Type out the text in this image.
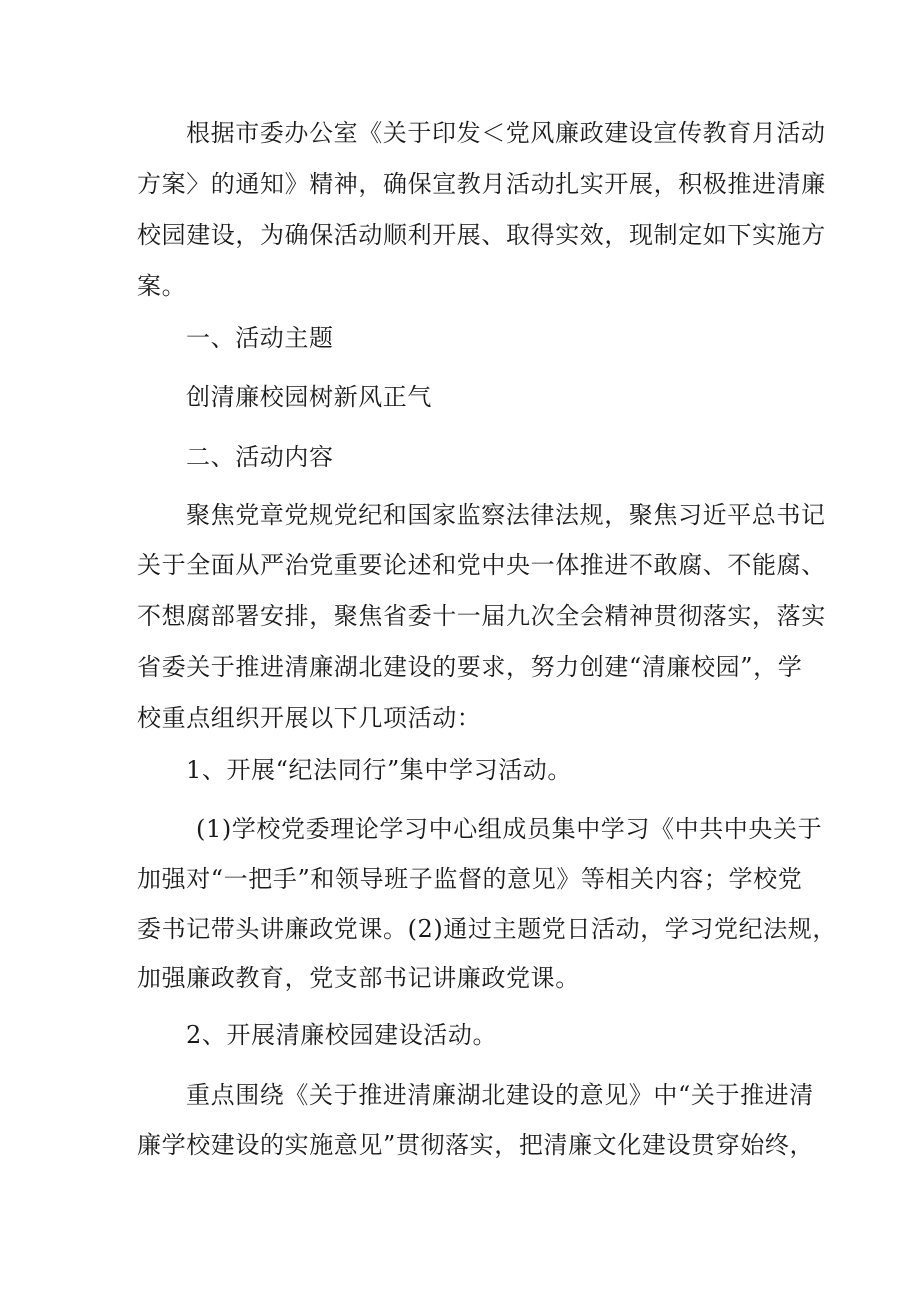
根据市委办公室《关于印发＜党风廉政建设宣传教育月活动
方案〉的通知》精神，确保宣教月活动扎实开展，积极推进清廉
校园建设，为确保活动顺利开展、取得实效，现制定如下实施方
案。
一、活动主题
创清廉校园树新风正气
二、活动内容
聚焦党章党规党纪和国家监察法律法规，聚焦习近平总书记
关于全面从严治党重要论述和党中央一体推进不敢腐、不能腐、
不想腐部署安排，聚焦省委十一届九次全会精神贯彻落实，落实
省委关于推进清廉湖北建设的要求，努力创建“清廉校园”，学
校重点组织开展以下几项活动：
1、开展“纪法同行”集中学习活动。
(1)学校党委理论学习中心组成员集中学习《中共中央关于
加强对“一把手”和领导班子监督的意见》等相关内容；学校党
委书记带头讲廉政党课。(2)通过主题党日活动，学习党纪法规，
加强廉政教育，党支部书记讲廉政党课。
2、开展清廉校园建设活动。
重点围绕《关于推进清廉湖北建设的意见》中“关于推进清
廉学校建设的实施意见”贯彻落实，把清廉文化建设贯穿始终，
